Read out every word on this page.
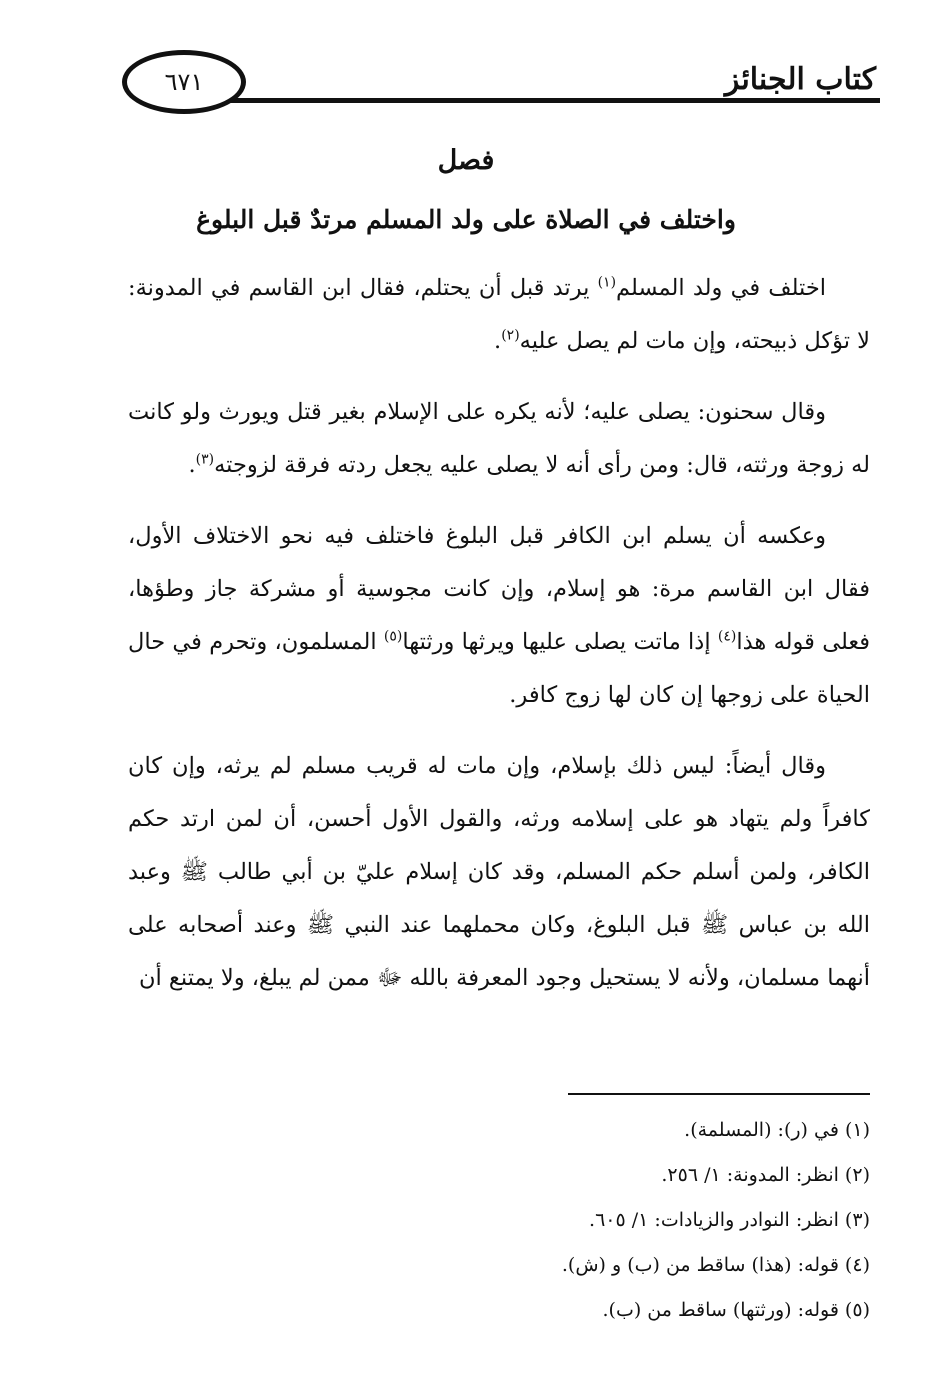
٦٧١	كتاب الجنائز
فصل
واختلف في الصلاة على ولد المسلم مرتدٌ قبل البلوغ

اختلف في ولد المسلم$^{(١)}$ يرتد قبل أن يحتلم، فقال ابن القاسم في المدونة: لا تؤكل ذبيحته، وإن مات لم يصل عليه$^{(٢)}$.

وقال سحنون: يصلى عليه؛ لأنه يكره على الإسلام بغير قتل ويورث ولو كانت له زوجة ورثته، قال: ومن رأى أنه لا يصلى عليه يجعل ردته فرقة لزوجته$^{(٣)}$.

وعكسه أن يسلم ابن الكافر قبل البلوغ فاختلف فيه نحو الاختلاف الأول، فقال ابن القاسم مرة: هو إسلام، وإن كانت مجوسية أو مشركة جاز وطؤها، فعلى قوله هذا$^{(٤)}$ إذا ماتت يصلى عليها ويرثها ورثتها$^{(٥)}$ المسلمون، وتحرم في حال الحياة على زوجها إن كان لها زوج كافر.

وقال أيضاً: ليس ذلك بإسلام، وإن مات له قريب مسلم لم يرثه، وإن كان كافراً ولم يتهاد هو على إسلامه ورثه، والقول الأول أحسن، أن لمن ارتد حكم الكافر، ولمن أسلم حكم المسلم، وقد كان إسلام عليّ بن أبي طالب ﷺ وعبد الله بن عباس ﷺ قبل البلوغ، وكان محملهما عند النبي ﷺ وعند أصحابه على أنهما مسلمان، ولأنه لا يستحيل وجود المعرفة بالله ﷻ ممن لم يبلغ، ولا يمتنع أن

(١) في (ر): (المسلمة).
(٢) انظر: المدونة: ١/ ٢٥٦.
(٣) انظر: النوادر والزيادات: ١/ ٦٠٥.
(٤) قوله: (هذا) ساقط من (ب) و (ش).
(٥) قوله: (ورثتها) ساقط من (ب).
